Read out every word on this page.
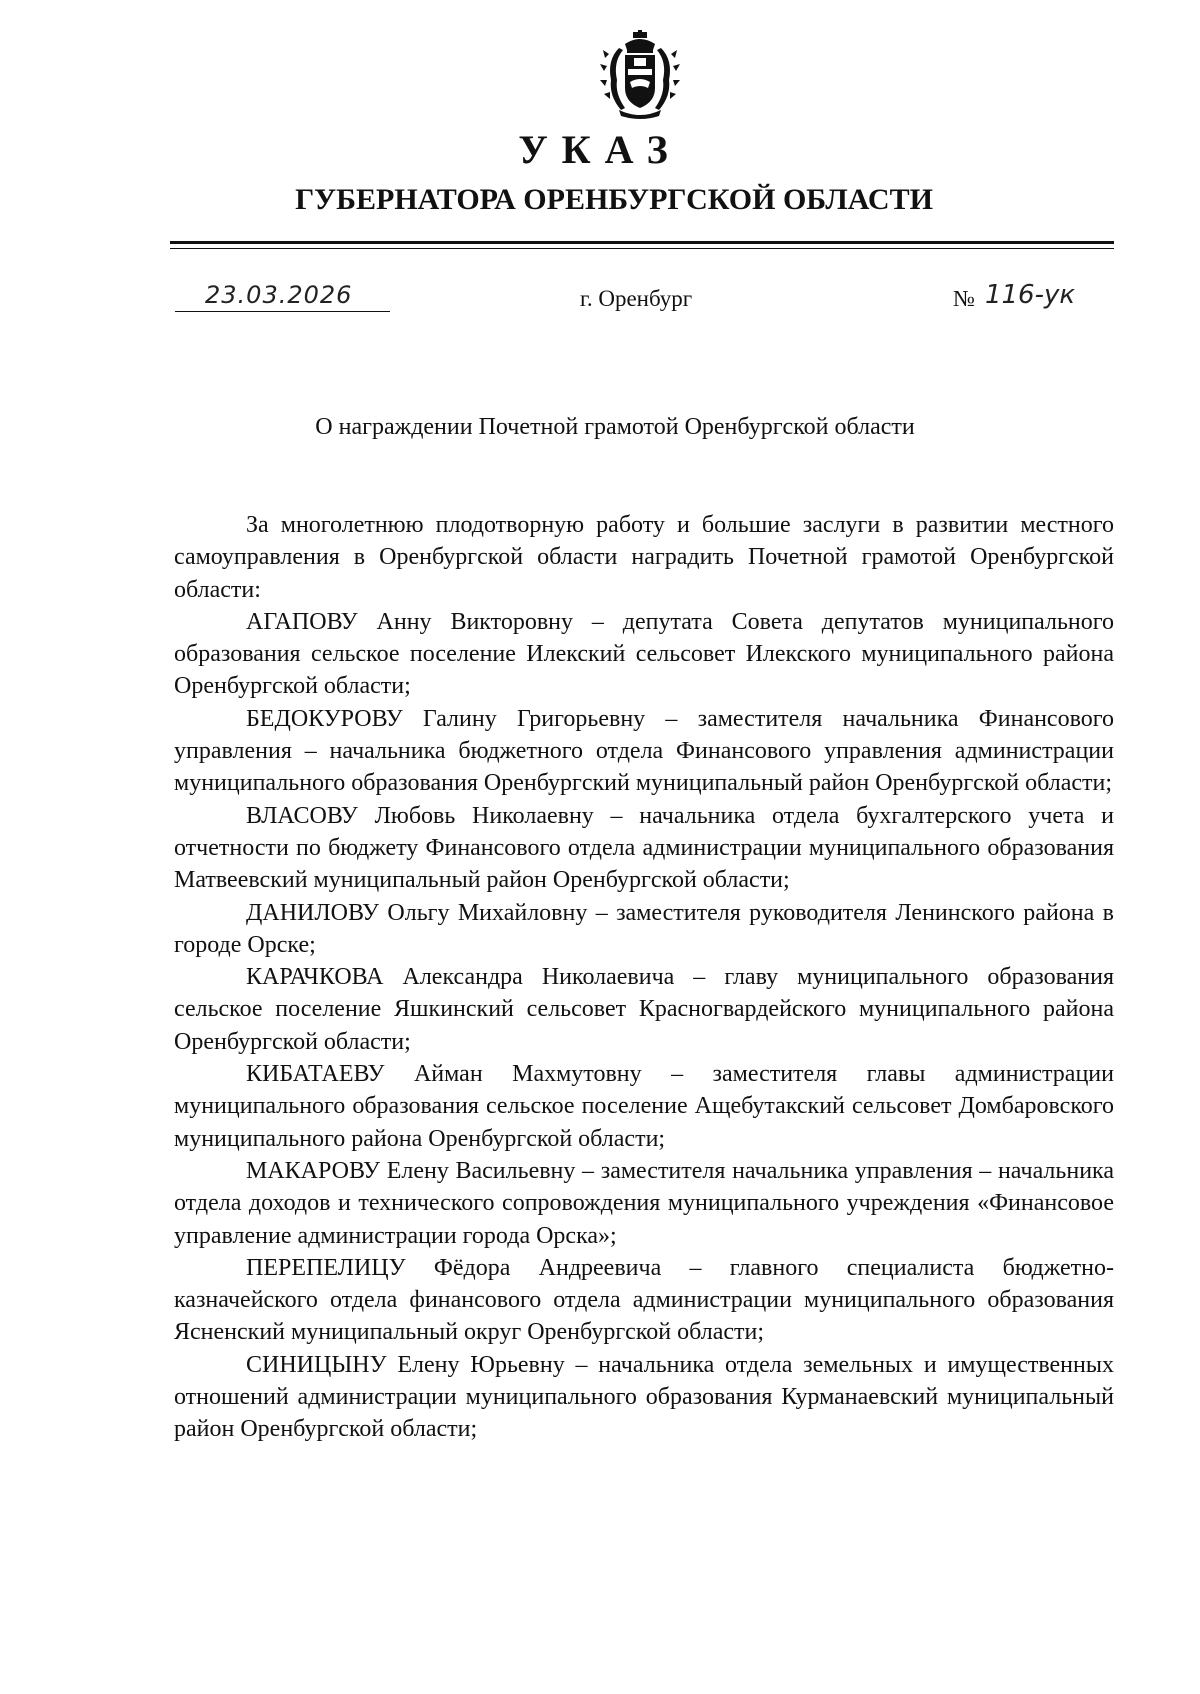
УКАЗ
ГУБЕРНАТОРА ОРЕНБУРГСКОЙ ОБЛАСТИ
23.03.2026	г. Оренбург	№ 116-ук
О награждении Почетной грамотой Оренбургской области

За многолетнюю плодотворную работу и большие заслуги в развитии местного самоуправления в Оренбургской области наградить Почетной грамотой Оренбургской области:

АГАПОВУ Анну Викторовну – депутата Совета депутатов муниципального образования сельское поселение Илекский сельсовет Илекского муниципального района Оренбургской области;

БЕДОКУРОВУ Галину Григорьевну – заместителя начальника Финансового управления – начальника бюджетного отдела Финансового управления администрации муниципального образования Оренбургский муниципальный район Оренбургской области;

ВЛАСОВУ Любовь Николаевну – начальника отдела бухгалтерского учета и отчетности по бюджету Финансового отдела администрации муниципального образования Матвеевский муниципальный район Оренбургской области;

ДАНИЛОВУ Ольгу Михайловну – заместителя руководителя Ленинского района в городе Орске;

КАРАЧКОВА Александра Николаевича – главу муниципального образования сельское поселение Яшкинский сельсовет Красногвардейского муниципального района Оренбургской области;

КИБАТАЕВУ Айман Махмутовну – заместителя главы администрации муниципального образования сельское поселение Ащебутакский сельсовет Домбаровского муниципального района Оренбургской области;

МАКАРОВУ Елену Васильевну – заместителя начальника управления – начальника отдела доходов и технического сопровождения муниципального учреждения «Финансовое управление администрации города Орска»;

ПЕРЕПЕЛИЦУ Фёдора Андреевича – главного специалиста бюджетно-казначейского отдела финансового отдела администрации муниципального образования Ясненский муниципальный округ Оренбургской области;

СИНИЦЫНУ Елену Юрьевну – начальника отдела земельных и имущественных отношений администрации муниципального образования Курманаевский муниципальный район Оренбургской области;
